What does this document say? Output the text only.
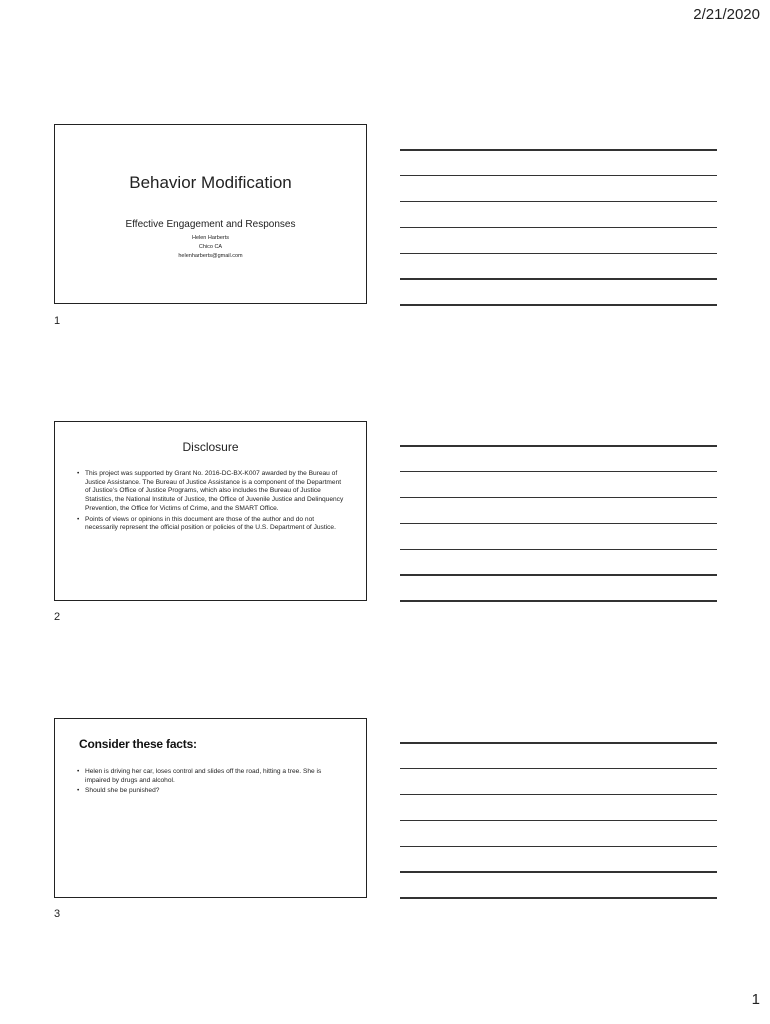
2/21/2020
Behavior Modification
Effective Engagement and Responses
Helen Harberts
Chico CA
helenharberts@gmail.com
1
Disclosure
• This project was supported by Grant No. 2016-DC-BX-K007 awarded by the Bureau of Justice Assistance. The Bureau of Justice Assistance is a component of the Department of Justice’s Office of Justice Programs, which also includes the Bureau of Justice Statistics, the National Institute of Justice, the Office of Juvenile Justice and Delinquency Prevention, the Office for Victims of Crime, and the SMART Office.
• Points of views or opinions in this document are those of the author and do not necessarily represent the official position or policies of the U.S. Department of Justice.
2
Consider these facts:
• Helen is driving her car, loses control and slides off the road, hitting a tree. She is impaired by drugs and alcohol.
• Should she be punished?
3
1
